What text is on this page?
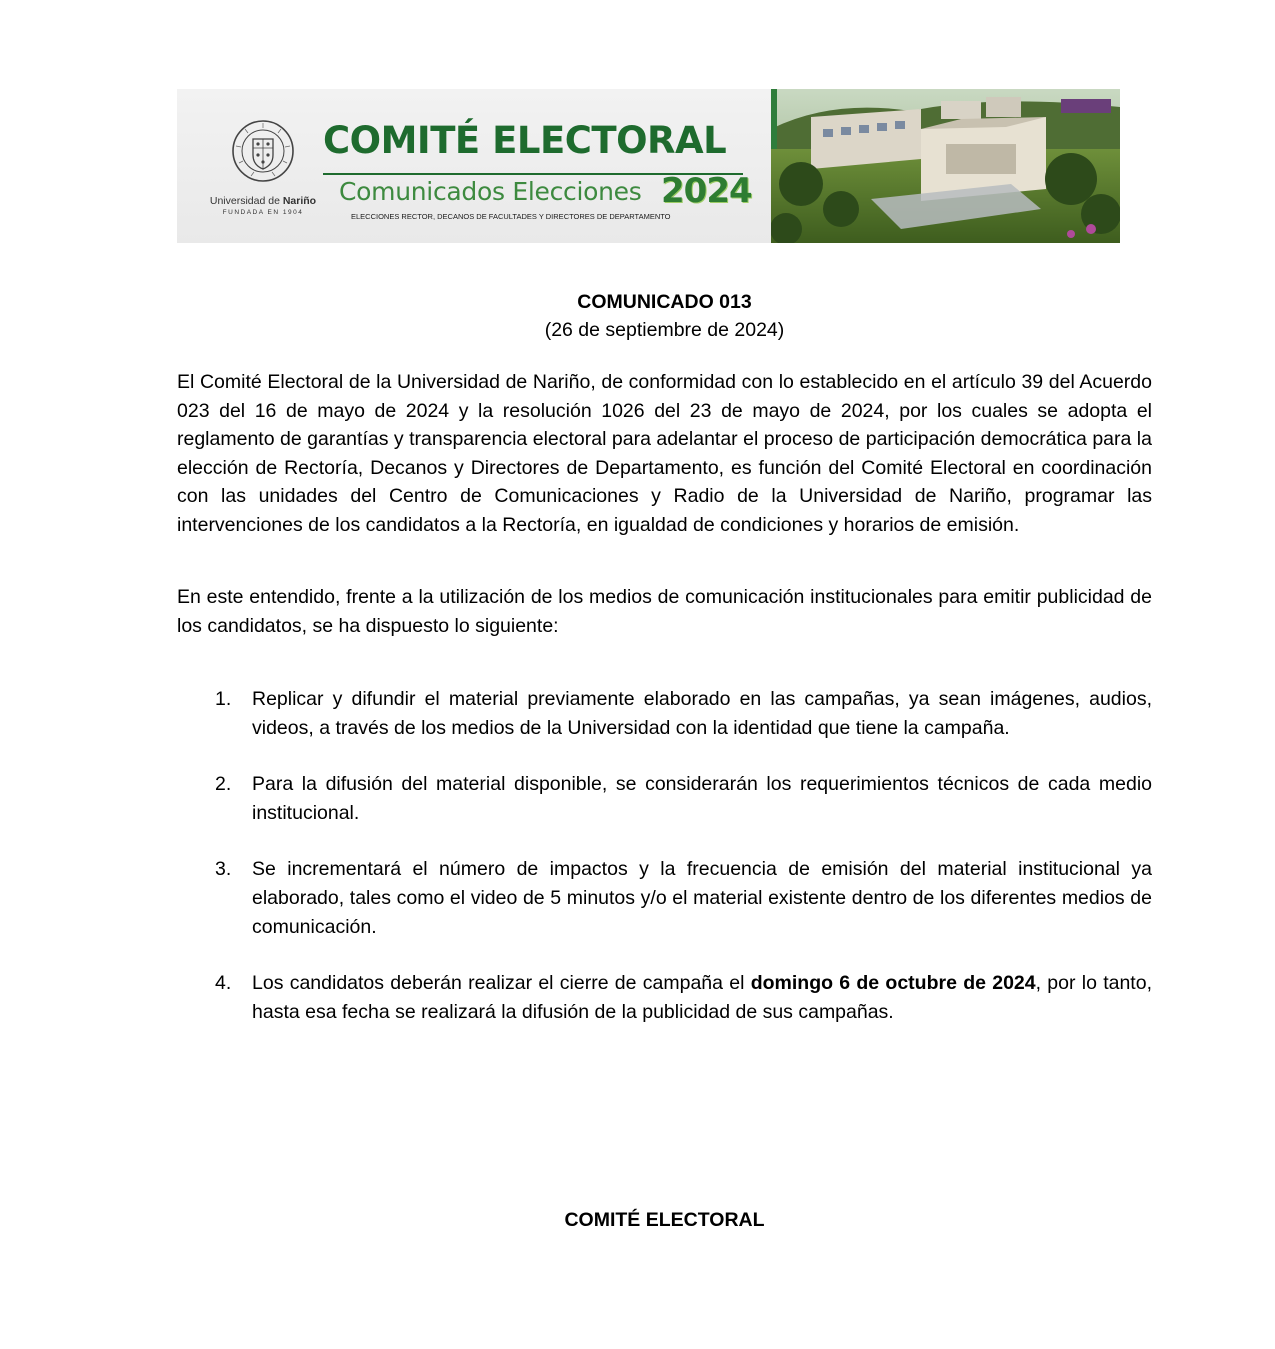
Universidad de Nariño
FUNDADA EN 1904
COMITÉ ELECTORAL
Comunicados Elecciones 2024
ELECCIONES RECTOR, DECANOS DE FACULTADES Y DIRECTORES DE DEPARTAMENTO
COMUNICADO 013
(26 de septiembre de 2024)

El Comité Electoral de la Universidad de Nariño, de conformidad con lo establecido en el artículo 39 del Acuerdo 023 del 16 de mayo de 2024 y la resolución 1026 del 23 de mayo de 2024, por los cuales se adopta el reglamento de garantías y transparencia electoral para adelantar el proceso de participación democrática para la elección de Rectoría, Decanos y Directores de Departamento, es función del Comité Electoral en coordinación con las unidades del Centro de Comunicaciones y Radio de la Universidad de Nariño, programar las intervenciones de los candidatos a la Rectoría, en igualdad de condiciones y horarios de emisión.

En este entendido, frente a la utilización de los medios de comunicación institucionales para emitir publicidad de los candidatos, se ha dispuesto lo siguiente:

1. Replicar y difundir el material previamente elaborado en las campañas, ya sean imágenes, audios, videos, a través de los medios de la Universidad con la identidad que tiene la campaña.
2. Para la difusión del material disponible, se considerarán los requerimientos técnicos de cada medio institucional.
3. Se incrementará el número de impactos y la frecuencia de emisión del material institucional ya elaborado, tales como el video de 5 minutos y/o el material existente dentro de los diferentes medios de comunicación.
4. Los candidatos deberán realizar el cierre de campaña el domingo 6 de octubre de 2024, por lo tanto, hasta esa fecha se realizará la difusión de la publicidad de sus campañas.
COMITÉ ELECTORAL
